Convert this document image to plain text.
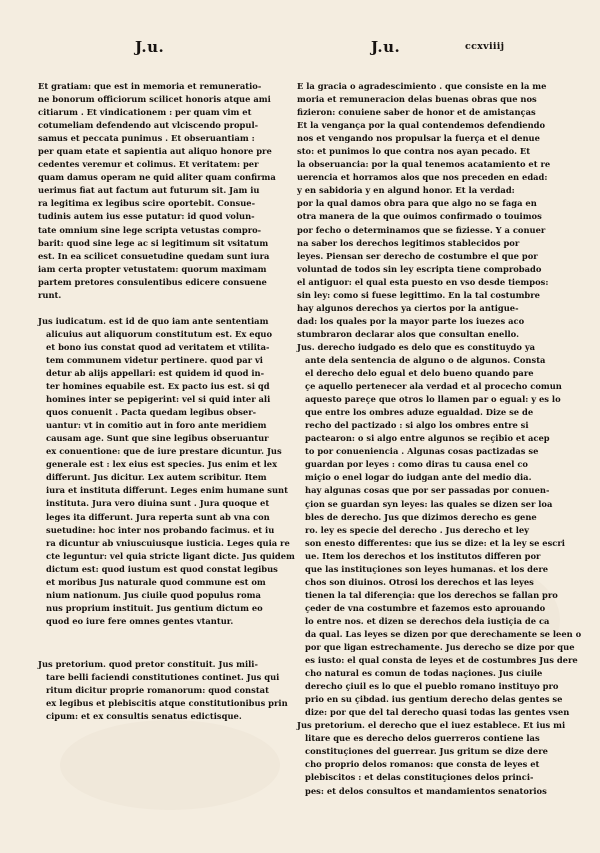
J.u.	J.u.	ccxviiij
Et gratiam: que est in memoria et remuneratio-
ne bonorum officiorum scilicet honoris atque ami
citiarum . Et vindicationem : per quam vim et
cotumeliam defendendo aut vlciscendo propul-
samus et peccata punimus . Et obseruantiam :
per quam etate et sapientia aut aliquo honore pre
cedentes veremur et colimus. Et veritatem: per
quam damus operam ne quid aliter quam confirma
uerimus fiat aut factum aut futurum sit. Jam iu
ra legitima ex legibus scire oportebit. Consue-
tudinis autem ius esse putatur: id quod volun-
tate omnium sine lege scripta vetustas compro-
barit: quod sine lege ac si legitimum sit vsitatum
est. In ea scilicet consuetudine quedam sunt iura
iam certa propter vetustatem: quorum maximam
partem pretores consulentibus edicere consuene
runt.
Jus iudicatum. est id de quo iam ante sententiam
alicuius aut aliquorum constitutum est. Ex equo
et bono ius constat quod ad veritatem et vtilita-
tem communem videtur pertinere. quod par vi
detur ab alijs appellari: est quidem id quod in-
ter homines equabile est. Ex pacto ius est. si qd
homines inter se pepigerint: vel si quid inter ali
quos conuenit . Pacta quedam legibus obser-
uantur: vt in comitio aut in foro ante meridiem
causam age. Sunt que sine legibus obseruantur
ex conuentione: que de iure prestare dicuntur. Jus
generale est : lex eius est species. Jus enim et lex
differunt. Jus dicitur. Lex autem scribitur. Item
iura et instituta differunt. Leges enim humane sunt
instituta. Jura vero diuina sunt . Jura quoque et
leges ita differunt. Jura reperta sunt ab vna con
suetudine: hoc inter nos probando facimus. et iu
ra dicuntur ab vniuscuiusque iusticia. Leges quia re
cte leguntur: vel quia stricte ligant dicte. Jus quidem
dictum est: quod iustum est quod constat legibus
et moribus Jus naturale quod commune est om
nium nationum. Jus ciuile quod populus roma
nus proprium instituit. Jus gentium dictum eo
quod eo iure fere omnes gentes vtantur.
Jus pretorium. quod pretor constituit. Jus mili-
tare belli faciendi constitutiones continet. Jus qui
ritum dicitur proprie romanorum: quod constat
ex legibus et plebiscitis atque constitutionibus prin
cipum: et ex consultis senatus edictisque.
E la gracia o agradescimiento . que consiste en la me
moria et remuneracion delas buenas obras que nos
fizieron: conuiene saber de honor et de amistanças
Et la vengança por la qual contendemos defendiendo
nos et vengando nos propulsar la fuerça et el denue
sto: et punimos lo que contra nos ayan pecado. Et
la obseruancia: por la qual tenemos acatamiento et re
uerencia et horramos alos que nos preceden en edad:
y en sabidoria y en algund honor. Et la verdad:
por la qual damos obra para que algo no se faga en
otra manera de la que ouimos confirmado o touimos
por fecho o determinamos que se fiziesse. Y a conuer
na saber los derechos legitimos stablecidos por
leyes. Piensan ser derecho de costumbre el que por
voluntad de todos sin ley escripta tiene comprobado
el antiguor: el qual esta puesto en vso desde tiempos:
sin ley: como si fuese legittimo. En la tal costumbre
hay algunos derechos ya ciertos por la antigue-
dad: los quales por la mayor parte los iuezes aco
stumbraron declarar alos que consultan enello.
Jus. derecho iudgado es delo que es constituydo ya
ante dela sentencia de alguno o de algunos. Consta
el derecho delo egual et delo bueno quando pare
çe aquello pertenecer ala verdad et al procecho comun
aquesto pareçe que otros lo llamen par o egual: y es lo
que entre los ombres aduze egualdad. Dize se de
recho del pactizado : si algo los ombres entre si
pactearon: o si algo entre algunos se reçibio et acep
to por conueniencia . Algunas cosas pactizadas se
guardan por leyes : como diras tu causa enel co
miçio o enel logar do iudgan ante del medio dia.
hay algunas cosas que por ser passadas por conuen-
çion se guardan syn leyes: las quales se dizen ser loa
bles de derecho. Jus que dizimos derecho es gene
ro. ley es specie del derecho . Jus derecho et ley
son enesto differentes: que ius se dize: et la ley se escri
ue. Item los derechos et los institutos differen por
que las instituçiones son leyes humanas. et los dere
chos son diuinos. Otrosi los derechos et las leyes
tienen la tal diferençia: que los derechos se fallan pro
çeder de vna costumbre et fazemos esto aprouando
lo entre nos. et dizen se derechos dela iustiçia de ca
da qual. Las leyes se dizen por que derechamente se leen o
por que ligan estrechamente. Jus derecho se dize por que
es iusto: el qual consta de leyes et de costumbres Jus dere
cho natural es comun de todas naçiones. Jus ciuile
derecho çiuil es lo que el pueblo romano instituyo pro
prio en su çibdad. ius gentium derecho delas gentes se
dize: por que del tal derecho quasi todas las gentes vsen
Jus pretorium. el derecho que el iuez establece. Et ius mi
litare que es derecho delos guerreros contiene las
constituçiones del guerrear. Jus gritum se dize dere
cho proprio delos romanos: que consta de leyes et
plebiscitos : et delas constituçiones delos princi-
pes: et delos consultos et mandamientos senatorios
